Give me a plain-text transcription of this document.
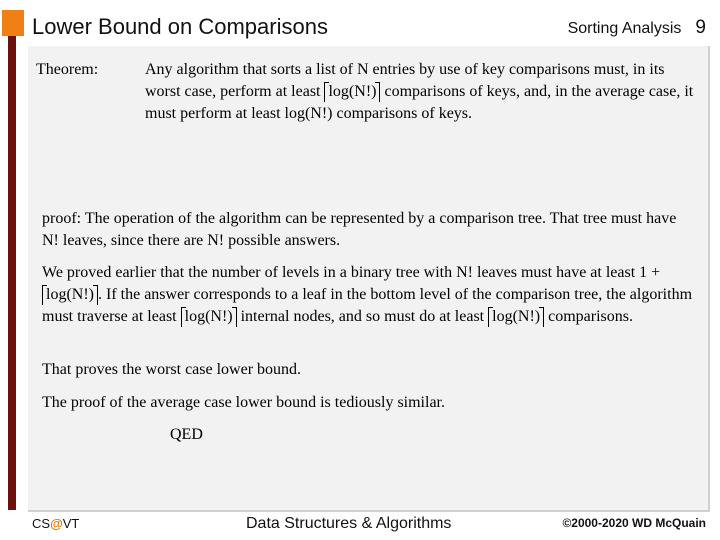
Lower Bound on Comparisons	Sorting Analysis 9
Theorem:	Any algorithm that sorts a list of N entries by use of key comparisons must, in its worst case, perform at least log(N!) comparisons of keys, and, in the average case, it must perform at least log(N!) comparisons of keys.
proof: The operation of the algorithm can be represented by a comparison tree. That tree must have N! leaves, since there are N! possible answers.
We proved earlier that the number of levels in a binary tree with N! leaves must have at least 1 + log(N!) . If the answer corresponds to a leaf in the bottom level of the comparison tree, the algorithm must traverse at least log(N!) internal nodes, and so must do at least log(N!) comparisons.
That proves the worst case lower bound.
The proof of the average case lower bound is tediously similar.
QED
CS@VT	Data Structures & Algorithms	©2000-2020 WD McQuain
